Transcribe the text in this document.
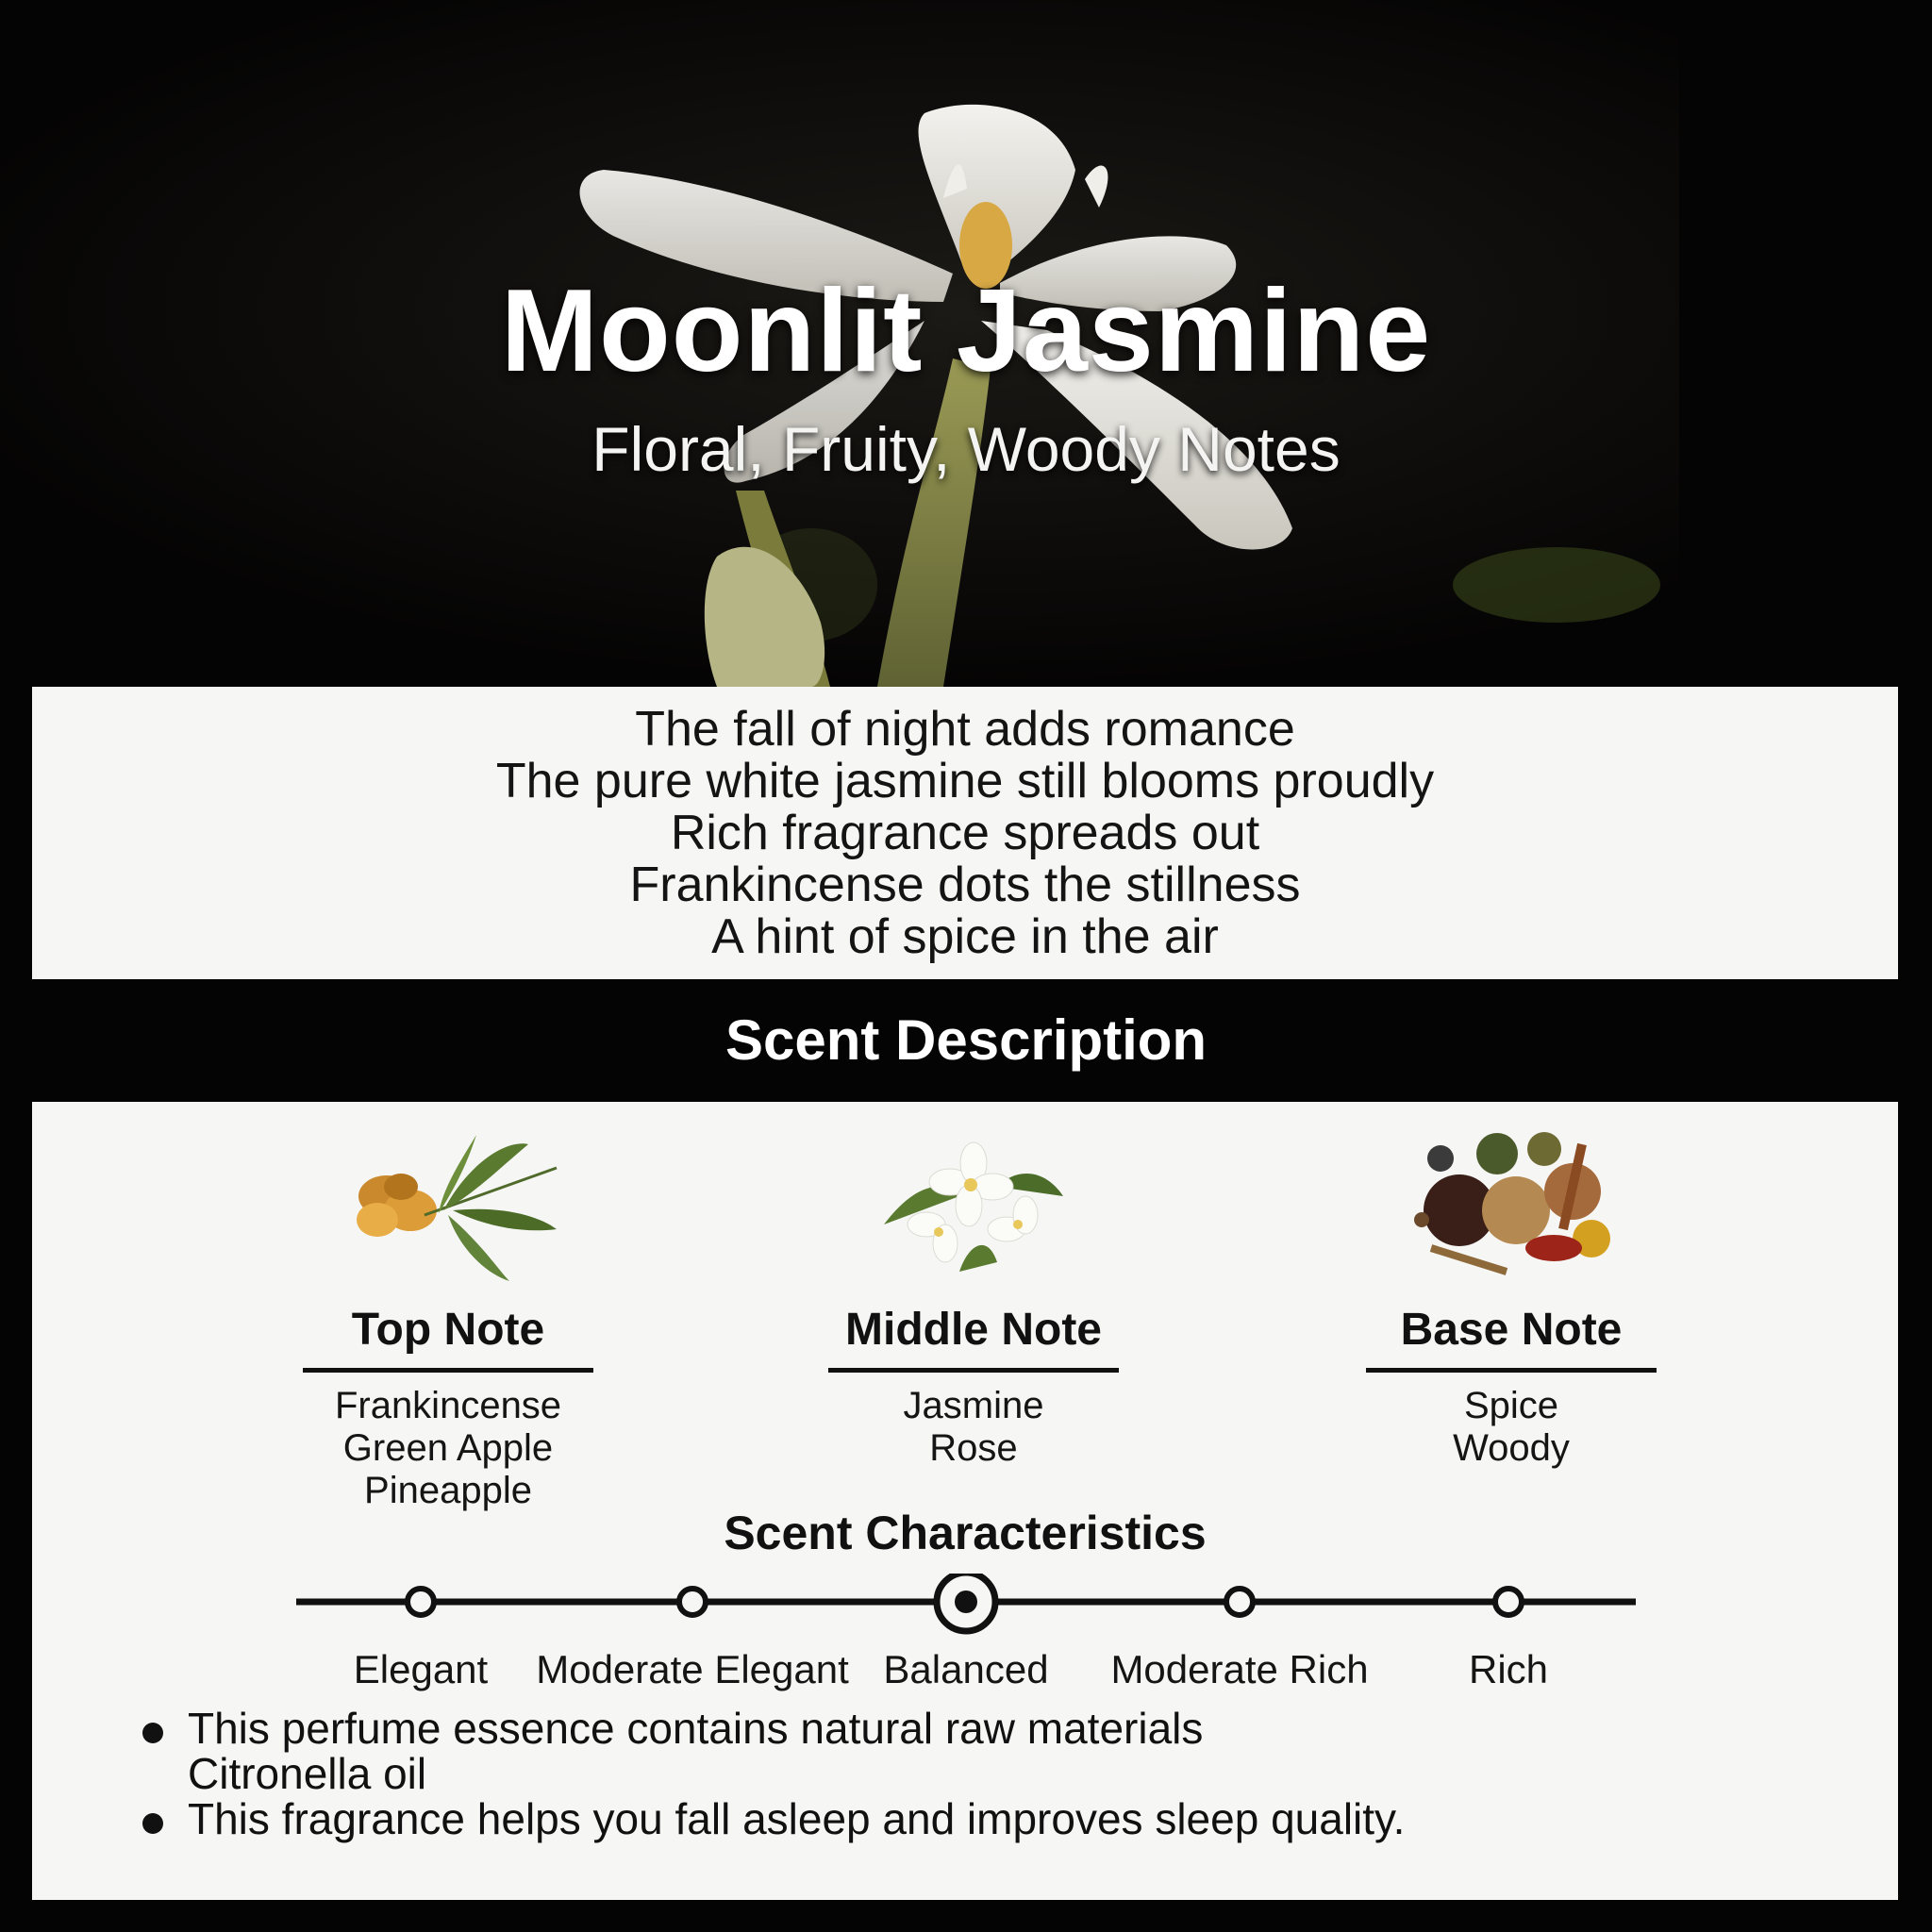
Moonlit Jasmine

Floral, Fruity, Woody Notes

The fall of night adds romance
The pure white jasmine still blooms proudly
Rich fragrance spreads out
Frankincense dots the stillness
A hint of spice in the air
Scent Description
Top Note
Frankincense
Green Apple
Pineapple
Middle Note
Jasmine
Rose
Base Note
Spice
Woody
Scent Characteristics
Elegant	Moderate Elegant Balanced	Moderate Rich	Rich
This perfume essence contains natural raw materials
Citronella oil
This fragrance helps you fall asleep and improves sleep quality.
